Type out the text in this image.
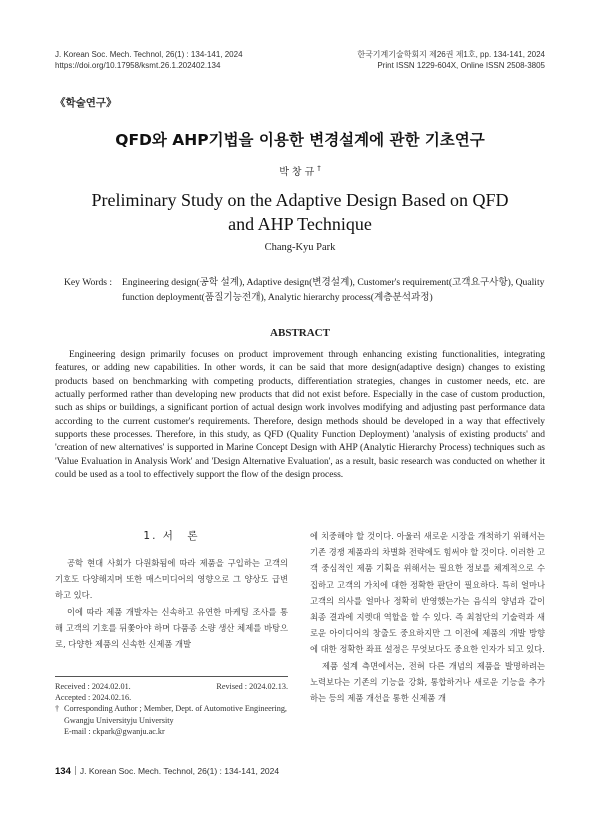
J. Korean Soc. Mech. Technol, 26(1) : 134-141, 2024
https://doi.org/10.17958/ksmt.26.1.202402.134
한국기계기술학회지 제26권 제1호, pp. 134-141, 2024
Print ISSN 1229-604X, Online ISSN 2508-3805
《학술연구》
QFD와 AHP기법을 이용한 변경설계에 관한 기초연구
박창규†
Preliminary Study on the Adaptive Design Based on QFD
and AHP Technique
Chang-Kyu Park
Key Words : Engineering design(공학 설계), Adaptive design(변경설계), Customer's requirement(고객요구사항), Quality function deployment(품질기능전개), Analytic hierarchy process(계층분석과정)
ABSTRACT

Engineering design primarily focuses on product improvement through enhancing existing functionalities, integrating features, or adding new capabilities. In other words, it can be said that more design(adaptive design) changes to existing products based on benchmarking with competing products, differentiation strategies, changes in customer needs, etc. are actually performed rather than developing new products that did not exist before. Especially in the case of custom production, such as ships or buildings, a significant portion of actual design work involves modifying and adjusting past performance data according to the current customer's requirements. Therefore, design methods should be developed in a way that effectively supports these processes. Therefore, in this study, as QFD (Quality Function Deployment) 'analysis of existing products' and 'creation of new alternatives' is supported in Marine Concept Design with AHP (Analytic Hierarchy Process) techniques such as 'Value Evaluation in Analysis Work' and 'Design Alternative Evaluation', as a result, basic research was conducted on whether it could be used as a tool to effectively support the flow of the design process.

1. 서　론

공학 현대 사회가 다원화됨에 따라 제품을 구입하는 고객의 기호도 다양해지며 또한 매스미디어의 영향으로 그 양상도 급변하고 있다.

이에 따라 제품 개발자는 신속하고 유연한 마케팅 조사를 통해 고객의 기호를 뒤쫓아야 하며 다품종 소량 생산 체제를 바탕으로, 다양한 제품의 신속한 신제품 개발

에 치중해야 할 것이다. 아울러 새로운 시장을 개척하기 위해서는 기존 경쟁 제품과의 차별화 전략에도 힘써야 할 것이다. 이러한 고객 중심적인 제품 기획을 위해서는 필요한 정보를 체계적으로 수집하고 고객의 가치에 대한 정확한 판단이 필요하다. 특히 얼마나 고객의 의사를 얼마나 정확히 반영했는가는 음식의 양념과 같이 최종 결과에 지렛대 역할을 할 수 있다. 즉 최첨단의 기술력과 새로운 아이디어의 창출도 중요하지만 그 이전에 제품의 개발 방향에 대한 정확한 좌표 설정은 무엇보다도 중요한 인자가 되고 있다.

제품 설계 측면에서는, 전혀 다른 개념의 제품을 발명하려는 노력보다는 기존의 기능을 강화, 통합하거나 새로운 기능을 추가하는 등의 제품 개선을 통한 신제품 개

Received : 2024.02.01.	Revised : 2024.02.13.
Accepted : 2024.02.16.
† Corresponding Author ; Member, Dept. of Automotive Engineering, Gwangju Universityju University
E-mail : ckpark@gwanju.ac.kr
134 J. Korean Soc. Mech. Technol, 26(1) : 134-141, 2024
